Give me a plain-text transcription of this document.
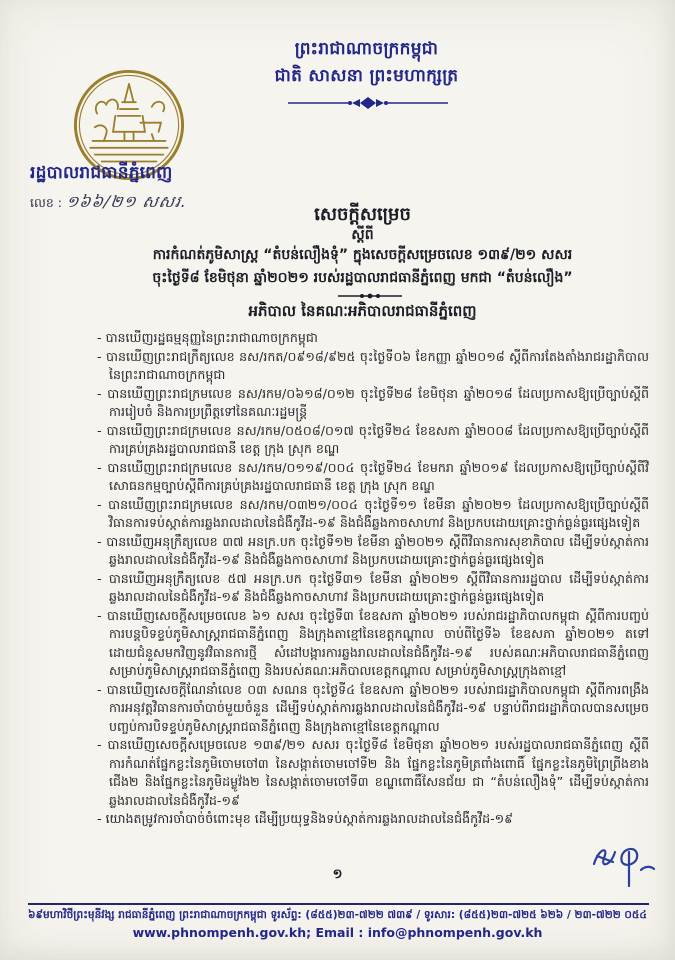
ព្រះរាជាណាចក្រកម្ពុជា
ជាតិ សាសនា ព្រះមហាក្សត្រ
រដ្ឋបាលរាជធានីភ្នំពេញ
លេខ : ១៦៦/២១ សសរ.
សេចក្តីសម្រេច
ស្តីពី
ការកំណត់ភូមិសាស្ត្រ “តំបន់លឿងទុំ” ក្នុងសេចក្តីសម្រេចលេខ ១៣៩/២១ សសរ
ចុះថ្ងៃទី៨ ខែមិថុនា ឆ្នាំ២០២១ របស់រដ្ឋបាលរាជធានីភ្នំពេញ មកជា “តំបន់លឿង”
អភិបាល នៃគណៈអភិបាលរាជធានីភ្នំពេញ
- បានឃើញរដ្ឋធម្មនុញ្ញនៃព្រះរាជាណាចក្រកម្ពុជា
- បានឃើញព្រះរាជក្រឹត្យលេខ នស/រកត/០៩១៨/៩២៥ ចុះថ្ងៃទី០៦ ខែកញ្ញា ឆ្នាំ២០១៨ ស្តីពីការតែងតាំងរាជរដ្ឋាភិបាលនៃព្រះរាជាណាចក្រកម្ពុជា
- បានឃើញព្រះរាជក្រមលេខ នស/រកម/០៦១៨/០១២ ចុះថ្ងៃទី២៨ ខែមិថុនា ឆ្នាំ២០១៨ ដែលប្រកាសឱ្យប្រើច្បាប់ស្តីពីការរៀបចំ និងការប្រព្រឹត្តទៅនៃគណៈរដ្ឋមន្ត្រី
- បានឃើញព្រះរាជក្រមលេខ នស/រកម/០៥០៨/០១៧ ចុះថ្ងៃទី២៤ ខែឧសភា ឆ្នាំ២០០៨ ដែលប្រកាសឱ្យប្រើច្បាប់ស្តីពីការគ្រប់គ្រងរដ្ឋបាលរាជធានី ខេត្ត ក្រុង ស្រុក ខណ្ឌ
- បានឃើញព្រះរាជក្រមលេខ នស/រកម/០១១៩/០០៤ ចុះថ្ងៃទី២៤ ខែមករា ឆ្នាំ២០១៩ ដែលប្រកាសឱ្យប្រើច្បាប់ស្តីពីវិសោធនកម្មច្បាប់ស្តីពីការគ្រប់គ្រងរដ្ឋបាលរាជធានី ខេត្ត ក្រុង ស្រុក ខណ្ឌ
- បានឃើញព្រះរាជក្រមលេខ នស/រកម/០៣២១/០០៤ ចុះថ្ងៃទី១១ ខែមីនា ឆ្នាំ២០២១ ដែលប្រកាសឱ្យប្រើច្បាប់ស្តីពីវិធានការទប់ស្កាត់ការឆ្លងរាលដាលនៃជំងឺកូវីដ-១៩ និងជំងឺឆ្លងកាចសាហាវ និងប្រកបដោយគ្រោះថ្នាក់ធ្ងន់ធ្ងរផ្សេងទៀត
- បានឃើញអនុក្រឹត្យលេខ ៣៧ អនក្រ.បក ចុះថ្ងៃទី១២ ខែមីនា ឆ្នាំ២០២១ ស្តីពីវិធានការសុខាភិបាល ដើម្បីទប់ស្កាត់ការឆ្លងរាលដាលនៃជំងឺកូវីដ-១៩ និងជំងឺឆ្លងកាចសាហាវ និងប្រកបដោយគ្រោះថ្នាក់ធ្ងន់ធ្ងរផ្សេងទៀត
- បានឃើញអនុក្រឹត្យលេខ ៥៧ អនក្រ.បក ចុះថ្ងៃទី៣១ ខែមីនា ឆ្នាំ២០២១ ស្តីពីវិធានការរដ្ឋបាល ដើម្បីទប់ស្កាត់ការឆ្លងរាលដាលនៃជំងឺកូវីដ-១៩ និងជំងឺឆ្លងកាចសាហាវ និងប្រកបដោយគ្រោះថ្នាក់ធ្ងន់ធ្ងរផ្សេងទៀត
- បានឃើញសេចក្តីសម្រេចលេខ ៦១ សសរ ចុះថ្ងៃទី៣ ខែឧសភា ឆ្នាំ២០២១ របស់រាជរដ្ឋាភិបាលកម្ពុជា ស្តីពីការបញ្ចប់ការបន្តបិទខ្ទប់ភូមិសាស្ត្ររាជធានីភ្នំពេញ និងក្រុងតាខ្មៅនៃខេត្តកណ្តាល ចាប់ពីថ្ងៃទី៦ ខែឧសភា ឆ្នាំ២០២១ តទៅ ដោយជំនួសមកវិញនូវវិធានការថ្មី សំដៅបង្ការការឆ្លងរាលដាលនៃជំងឺកូវីដ-១៩ របស់គណៈអភិបាលរាជធានីភ្នំពេញ សម្រាប់ភូមិសាស្ត្ររាជធានីភ្នំពេញ និងរបស់គណៈអភិបាលខេត្តកណ្តាល សម្រាប់ភូមិសាស្ត្រក្រុងតាខ្មៅ
- បានឃើញសេចក្តីណែនាំលេខ ០៣ សណន ចុះថ្ងៃទី៤ ខែឧសភា ឆ្នាំ២០២១ របស់រាជរដ្ឋាភិបាលកម្ពុជា ស្តីពីការពង្រឹងការអនុវត្តវិធានការចាំបាច់មួយចំនួន ដើម្បីទប់ស្កាត់ការឆ្លងរាលដាលនៃជំងឺកូវីដ-១៩ បន្ទាប់ពីរាជរដ្ឋាភិបាលបានសម្រេចបញ្ចប់ការបិទខ្ទប់ភូមិសាស្ត្ររាជធានីភ្នំពេញ និងក្រុងតាខ្មៅនៃខេត្តកណ្តាល
- បានឃើញសេចក្តីសម្រេចលេខ ១៣៩/២១ សសរ ចុះថ្ងៃទី៨ ខែមិថុនា ឆ្នាំ២០២១ របស់រដ្ឋបាលរាជធានីភ្នំពេញ ស្តីពីការកំណត់ផ្នែកខ្លះនៃភូមិចោមចៅ៣ នៃសង្កាត់ចោមចៅទី២ និង ផ្នែកខ្លះនៃភូមិត្រពាំងពោធិ៍ ផ្នែកខ្លះនៃភូមិព្រៃព្រីងខាងជើង២ និងផ្នែកខ្លះនៃភូមិដម្លូវ៉ង២ នៃសង្កាត់ចោមចៅទី៣ ខណ្ឌពោធិ៍សែនជ័យ ជា “តំបន់លឿងទុំ” ដើម្បីទប់ស្កាត់ការឆ្លងរាលដាលនៃជំងឺកូវីដ-១៩
- យោងតម្រូវការចាំបាច់ចំពោះមុខ ដើម្បីប្រយុទ្ធនិងទប់ស្កាត់ការឆ្លងរាលដាលនៃជំងឺកូវីដ-១៩
១
៦៩មហាវិថីព្រះមុនីវង្ស រាជធានីភ្នំពេញ ព្រះរាជាណាចក្រកម្ពុជា ទូរស័ព្ទ: (៨៥៥)២៣-៧២២ ៧៣៩ / ទូរសារ: (៨៥៥)២៣-៧២៥ ៦២៦ / ២៣-៧២២ ០៥៤
www.phnompenh.gov.kh; Email : info@phnompenh.gov.kh
